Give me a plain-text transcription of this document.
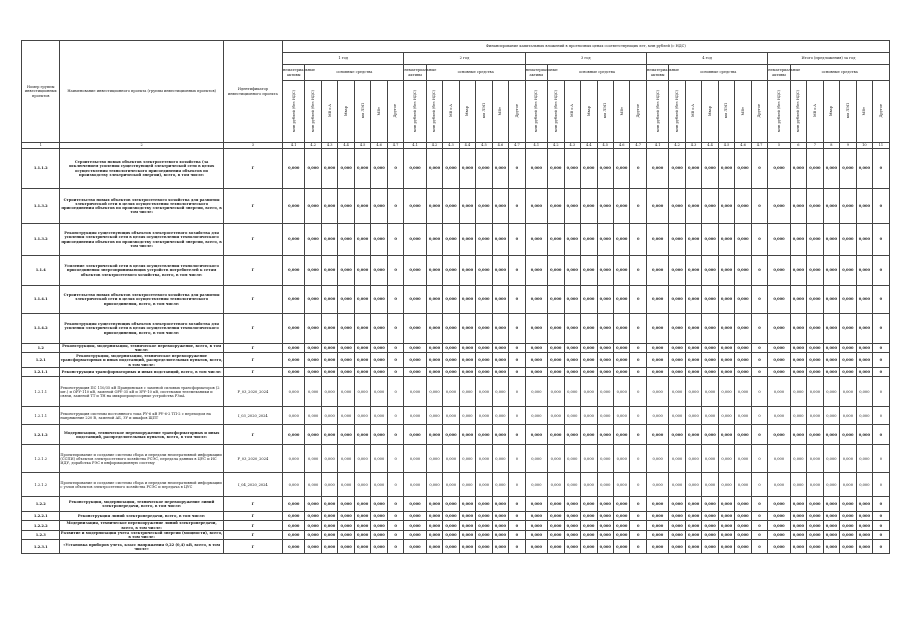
Номер группы инвестиционных проектов	Наименование инвестиционного проекта (группы инвестиционных проектов)	Идентификатор инвестиционного проекта	Финансирование капитальных вложений в прогнозных ценах соответствующих лет, млн рублей (с НДС)																																		
			1 год							2 год							3 год							4 год							Итого (предложения) за год						
			нематериальные активы	основные средства						нематериальные активы	основные средства						нематериальные активы	основные средства						нематериальные активы	основные средства						нематериальные активы	основные средства					
			млн рублей (без НДС)	млн рублей (без НДС)	МВ×А	Мвар	км ЛЭП	МВт	Другое	млн рублей (без НДС)	млн рублей (без НДС)	МВ×А	Мвар	км ЛЭП	МВт	Другое	млн рублей (без НДС)	млн рублей (без НДС)	МВ×А	Мвар	км ЛЭП	МВт	Другое	млн рублей (без НДС)	млн рублей (без НДС)	МВ×А	Мвар	км ЛЭП	МВт	Другое	млн рублей (без НДС)	млн рублей (без НДС)	МВ×А	Мвар	км ЛЭП	МВт	Другое
1	2	3	4.1	4.2	4.3	4.4	4.5	4.6	4.7	4.1	4.2	4.3	4.4	4.5	4.6	4.7	4.1	4.2	4.3	4.4	4.5	4.6	4.7	4.1	4.2	4.3	4.4	4.5	4.6	4.7	5	6	7	8	9	10	11
1.1.1.2	Строительство новых объектов электросетевого хозяйства (за исключением усиления существующей электрической сети в целях осуществления технологического присоединения объектов по производству электрической энергии), всего, в том числе:	Г	0,000	0,000	0,000	0,000	0,000	0,000	0	0,000	0,000	0,000	0,000	0,000	0,000	0	0,000	0,000	0,000	0,000	0,000	0,000	0	0,000	0,000	0,000	0,000	0,000	0,000	0	0,000	0,000	0,000	0,000	0,000	0,000	0
1.1.3.2	Строительство новых объектов электросетевого хозяйства для развития электрической сети в целях осуществления технологического присоединения объектов по производству электрической энергии, всего, в том числе:	Г	0,000	0,000	0,000	0,000	0,000	0,000	0	0,000	0,000	0,000	0,000	0,000	0,000	0	0,000	0,000	0,000	0,000	0,000	0,000	0	0,000	0,000	0,000	0,000	0,000	0,000	0	0,000	0,000	0,000	0,000	0,000	0,000	0
1.1.3.2	Реконструкция существующих объектов электросетевого хозяйства для усиления электрической сети в целях осуществления технологического присоединения объектов по производству электрической энергии, всего, в том числе:	Г	0,000	0,000	0,000	0,000	0,000	0,000	0	0,000	0,000	0,000	0,000	0,000	0,000	0	0,000	0,000	0,000	0,000	0,000	0,000	0	0,000	0,000	0,000	0,000	0,000	0,000	0	0,000	0,000	0,000	0,000	0,000	0,000	0
1.1.4	Усиление электрической сети в целях осуществления технологического присоединения энергопринимающих устройств потребителей к сетям объектов электросетевого хозяйства, всего, в том числе:	Г	0,000	0,000	0,000	0,000	0,000	0,000	0	0,000	0,000	0,000	0,000	0,000	0,000	0	0,000	0,000	0,000	0,000	0,000	0,000	0	0,000	0,000	0,000	0,000	0,000	0,000	0	0,000	0,000	0,000	0,000	0,000	0,000	0
1.1.4.1	Строительство новых объектов электросетевого хозяйства для развития электрической сети в целях осуществления технологического присоединения, всего, в том числе:	Г	0,000	0,000	0,000	0,000	0,000	0,000	0	0,000	0,000	0,000	0,000	0,000	0,000	0	0,000	0,000	0,000	0,000	0,000	0,000	0	0,000	0,000	0,000	0,000	0,000	0,000	0	0,000	0,000	0,000	0,000	0,000	0,000	0
1.1.4.2	Реконструкция существующих объектов электросетевого хозяйства для усиления электрической сети в целях осуществления технологического присоединения, всего, в том числе:	Г	0,000	0,000	0,000	0,000	0,000	0,000	0	0,000	0,000	0,000	0,000	0,000	0,000	0	0,000	0,000	0,000	0,000	0,000	0,000	0	0,000	0,000	0,000	0,000	0,000	0,000	0	0,000	0,000	0,000	0,000	0,000	0,000	0
1.2	Реконструкция, модернизация, техническое перевооружение, всего, в том числе:	Г	0,000	0,000	0,000	0,000	0,000	0,000	0	0,000	0,000	0,000	0,000	0,000	0,000	0	0,000	0,000	0,000	0,000	0,000	0,000	0	0,000	0,000	0,000	0,000	0,000	0,000	0	0,000	0,000	0,000	0,000	0,000	0,000	0
1.2.1	Реконструкция, модернизация, техническое перевооружение трансформаторных и иных подстанций, распределительных пунктов, всего, в том числе:	Г	0,000	0,000	0,000	0,000	0,000	0,000	0	0,000	0,000	0,000	0,000	0,000	0,000	0	0,000	0,000	0,000	0,000	0,000	0,000	0	0,000	0,000	0,000	0,000	0,000	0,000	0	0,000	0,000	0,000	0,000	0,000	0,000	0
1.2.1.1	Реконструкция трансформаторных и иных подстанций, всего, в том числе:	Г	0,000	0,000	0,000	0,000	0,000	0,000	0	0,000	0,000	0,000	0,000	0,000	0,000	0	0,000	0,000	0,000	0,000	0,000	0,000	0	0,000	0,000	0,000	0,000	0,000	0,000	0	0,000	0,000	0,000	0,000	0,000	0,000	0
1.2.1.1	Реконструкция ПС 110/35 кВ Правдинская с заменой силовых трансформаторов (2 шт.) и ОРУ-110 кВ, заменой ОРУ-35 кВ и ЗРУ-10 кВ, системами телемеханики и связи, заменой ТТ и ТН на микропроцессорные устройства РЗиА	F_03_2020_2024	0,000	0,000	0,000	0,000	0,000	0,000	0	0,000	0,000	0,000	0,000	0,000	0,000	0	0,000	0,000	0,000	0,000	0,000	0,000	0	0,000	0,000	0,000	0,000	0,000	0,000	0	0,000	0,000	0,000	0,000	0,000	0,000	0
1.2.1.1	Реконструкция системы постоянного тока РУ-6 кВ РУ-6-2 ТП-2 с переходом на напряжение 220 В, заменой АБ, ЗУ и шкафов ЩПТ	I_03_2020_2024	0,000	0,000	0,000	0,000	0,000	0,000	0	0,000	0,000	0,000	0,000	0,000	0,000	0	0,000	0,000	0,000	0,000	0,000	0,000	0	0,000	0,000	0,000	0,000	0,000	0,000	0	0,000	0,000	0,000	0,000	0,000	0,000	0
1.2.1.2	Модернизация, техническое перевооружение трансформаторных и иных подстанций, распределительных пунктов, всего, в том числе:	Г	0,000	0,000	0,000	0,000	0,000	0,000	0	0,000	0,000	0,000	0,000	0,000	0,000	0	0,000	0,000	0,000	0,000	0,000	0,000	0	0,000	0,000	0,000	0,000	0,000	0,000	0	0,000	0,000	0,000	0,000	0,000	0,000	0
1.2.1.2	Проектирование и создание системы сбора и передачи неоперативной информации (ССПИ) объектов электросетевого хозяйства РСЭС, передача данных в ЦУС и ИС ИДУ, доработка РЭС в информационную систему	F_03_2020_2024	0,000	0,000	0,000	0,000	0,000	0,000	0	0,000	0,000	0,000	0,000	0,000	0,000	0	0,000	0,000	0,000	0,000	0,000	0,000	0	0,000	0,000	0,000	0,000	0,000	0,000	0	0,000	0,000	0,000	0,000	0,000	0,000	0
1.2.1.2	Проектирование и создание системы сбора и передачи неоперативной информации с узлов объектов электросетевого хозяйства РСЭС и передача в ЦУС	I_04_2020_2024	0,000	0,000	0,000	0,000	0,000	0,000	0	0,000	0,000	0,000	0,000	0,000	0,000	0	0,000	0,000	0,000	0,000	0,000	0,000	0	0,000	0,000	0,000	0,000	0,000	0,000	0	0,000	0,000	0,000	0,000	0,000	0,000	0
1.2.2	Реконструкция, модернизация, техническое перевооружение линий электропередачи, всего, в том числе:	Г	0,000	0,000	0,000	0,000	0,000	0,000	0	0,000	0,000	0,000	0,000	0,000	0,000	0	0,000	0,000	0,000	0,000	0,000	0,000	0	0,000	0,000	0,000	0,000	0,000	0,000	0	0,000	0,000	0,000	0,000	0,000	0,000	0
1.2.2.1	Реконструкция линий электропередачи, всего, в том числе:	Г	0,000	0,000	0,000	0,000	0,000	0,000	0	0,000	0,000	0,000	0,000	0,000	0,000	0	0,000	0,000	0,000	0,000	0,000	0,000	0	0,000	0,000	0,000	0,000	0,000	0,000	0	0,000	0,000	0,000	0,000	0,000	0,000	0
1.2.2.2	Модернизация, техническое перевооружение линий электропередачи, всего, в том числе:	Г	0,000	0,000	0,000	0,000	0,000	0,000	0	0,000	0,000	0,000	0,000	0,000	0,000	0	0,000	0,000	0,000	0,000	0,000	0,000	0	0,000	0,000	0,000	0,000	0,000	0,000	0	0,000	0,000	0,000	0,000	0,000	0,000	0
1.2.3	Развитие и модернизация учета электрической энергии (мощности), всего, в том числе:	Г	0,000	0,000	0,000	0,000	0,000	0,000	0	0,000	0,000	0,000	0,000	0,000	0,000	0	0,000	0,000	0,000	0,000	0,000	0,000	0	0,000	0,000	0,000	0,000	0,000	0,000	0	0,000	0,000	0,000	0,000	0,000	0,000	0
1.2.3.1	«Установка приборов учета, класс напряжения 0,22 (0,4) кВ, всего, в том числе»	Г	0,000	0,000	0,000	0,000	0,000	0,000	0	0,000	0,000	0,000	0,000	0,000	0,000	0	0,000	0,000	0,000	0,000	0,000	0,000	0	0,000	0,000	0,000	0,000	0,000	0,000	0	0,000	0,000	0,000	0,000	0,000	0,000	0
